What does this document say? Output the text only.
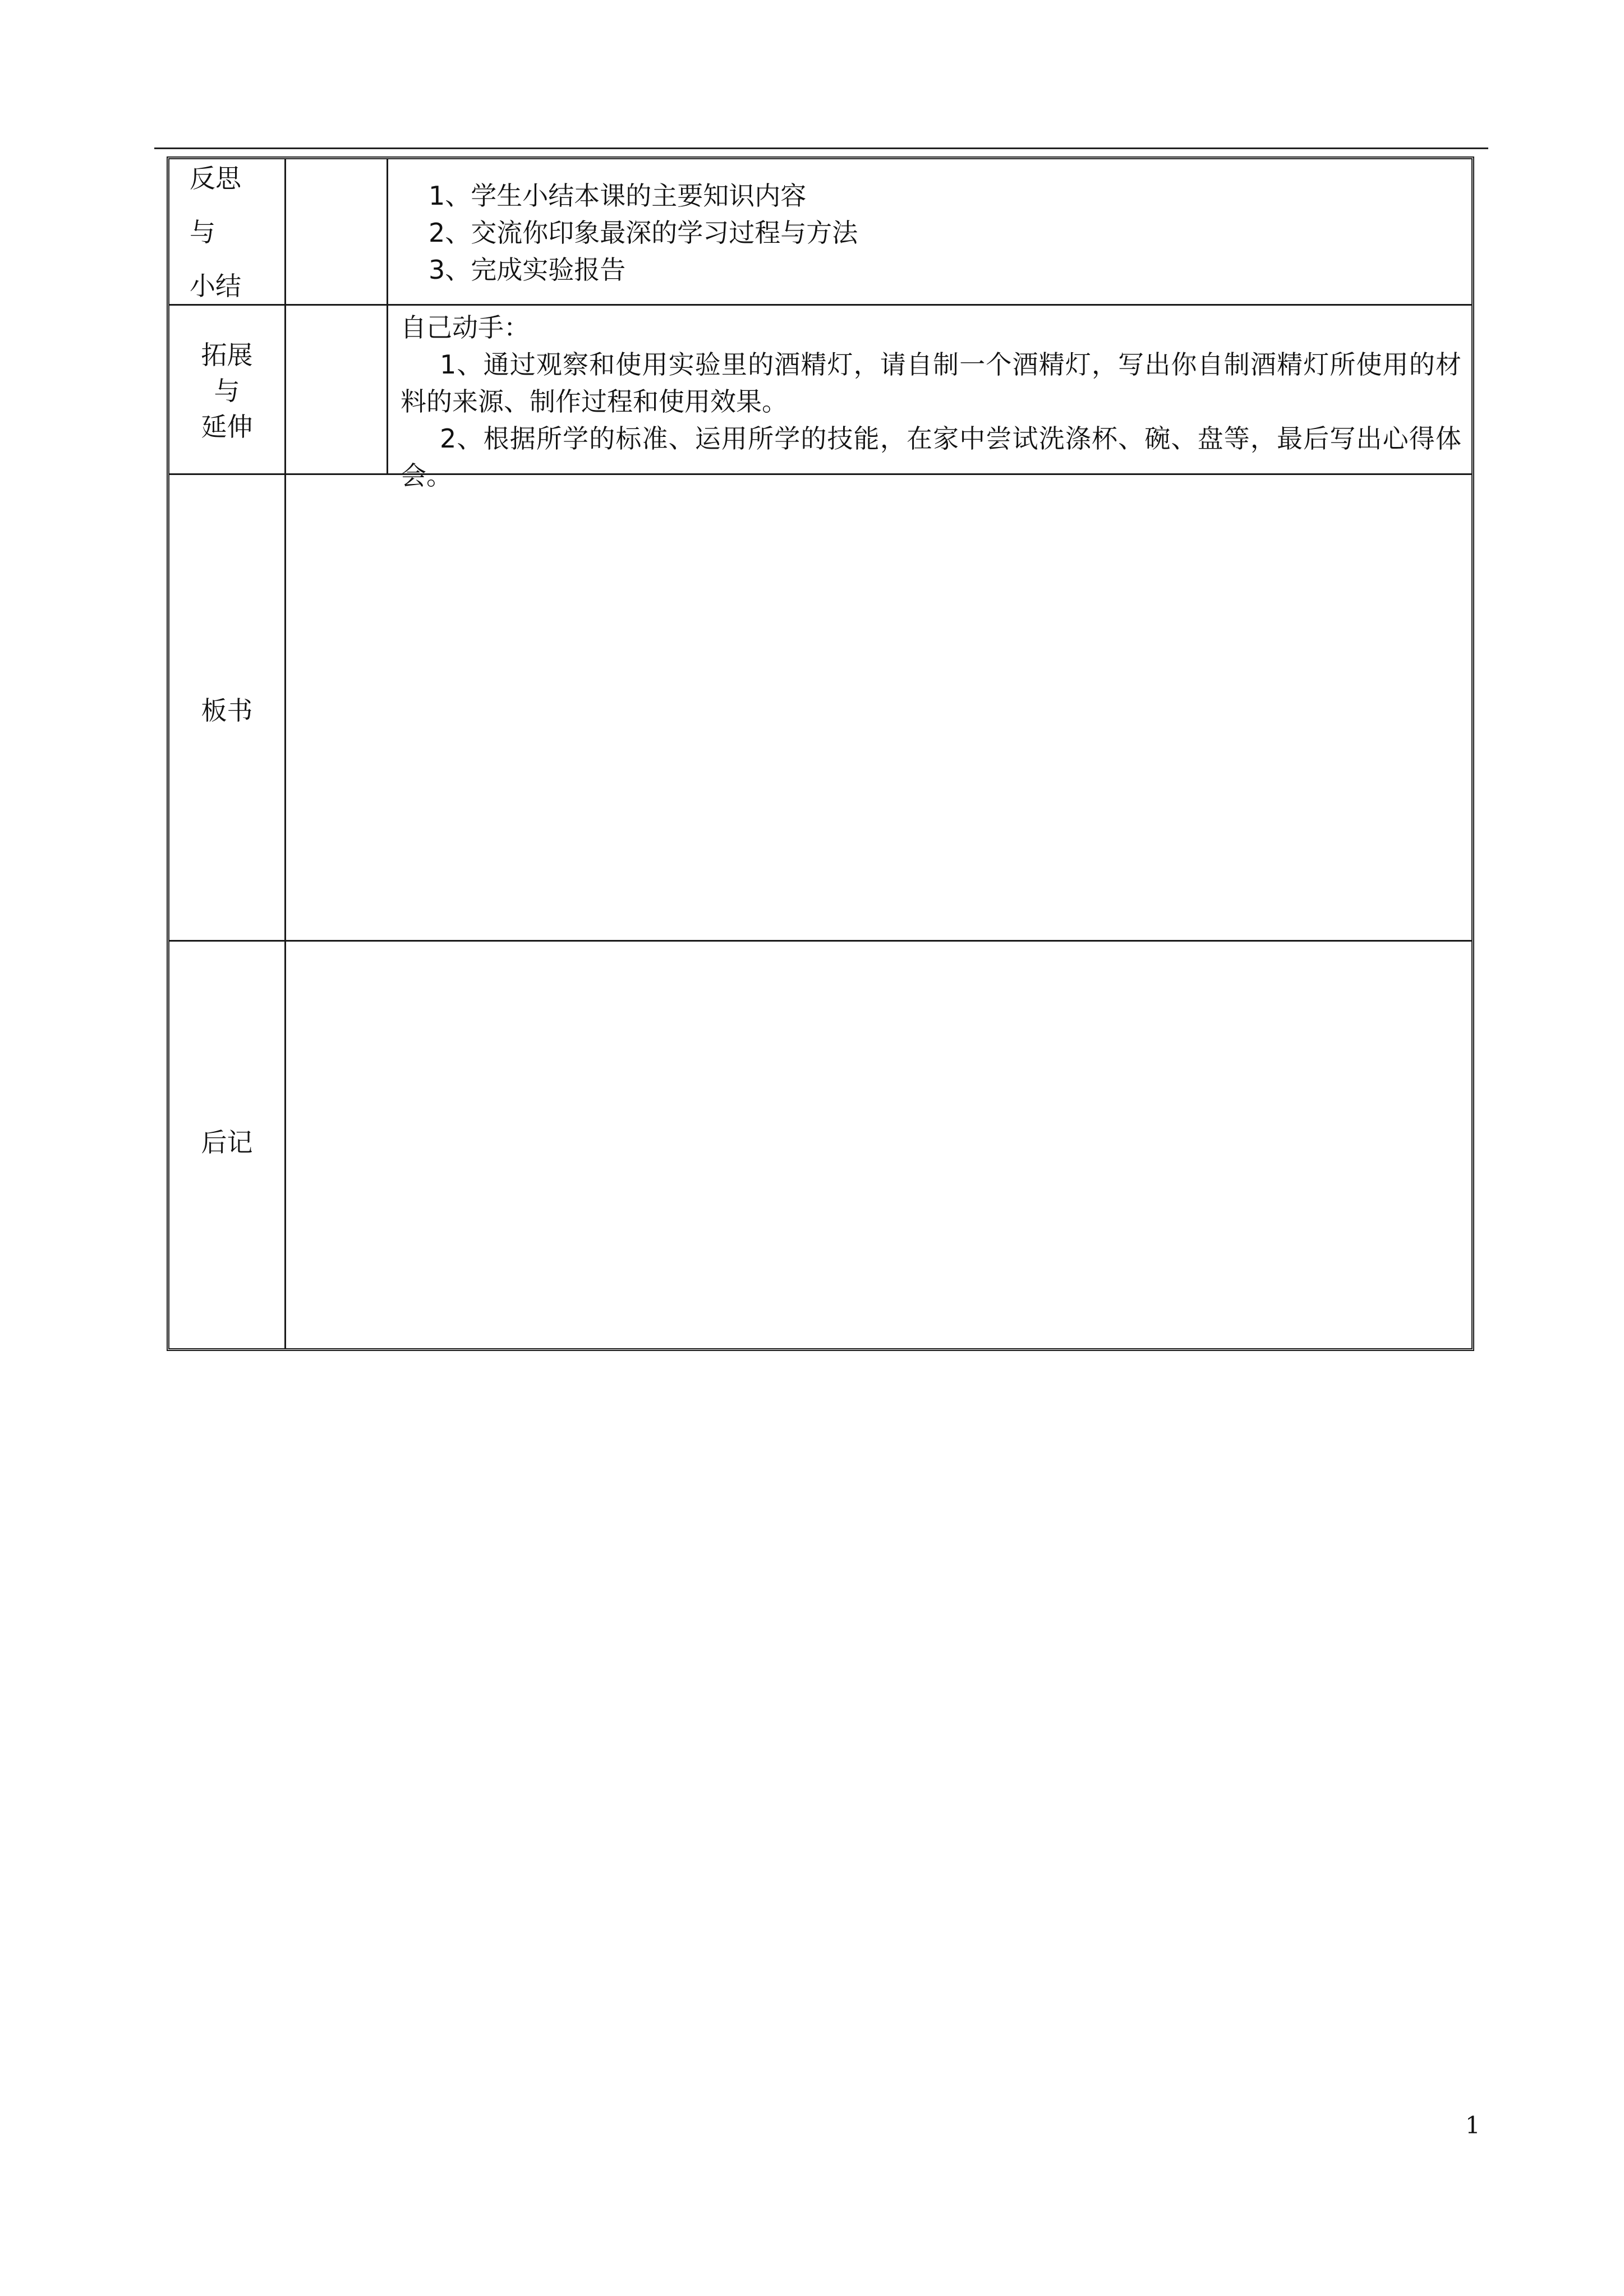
反思
与
小结
1、学生小结本课的主要知识内容
2、交流你印象最深的学习过程与方法
3、完成实验报告
拓展
与
延伸

自己动手：

1、通过观察和使用实验里的酒精灯，请自制一个酒精灯，写出你自制酒精灯所使用的材料的来源、制作过程和使用效果。

2、根据所学的标准、运用所学的技能，在家中尝试洗涤杯、碗、盘等，最后写出心得体会。

板书
后记
1
